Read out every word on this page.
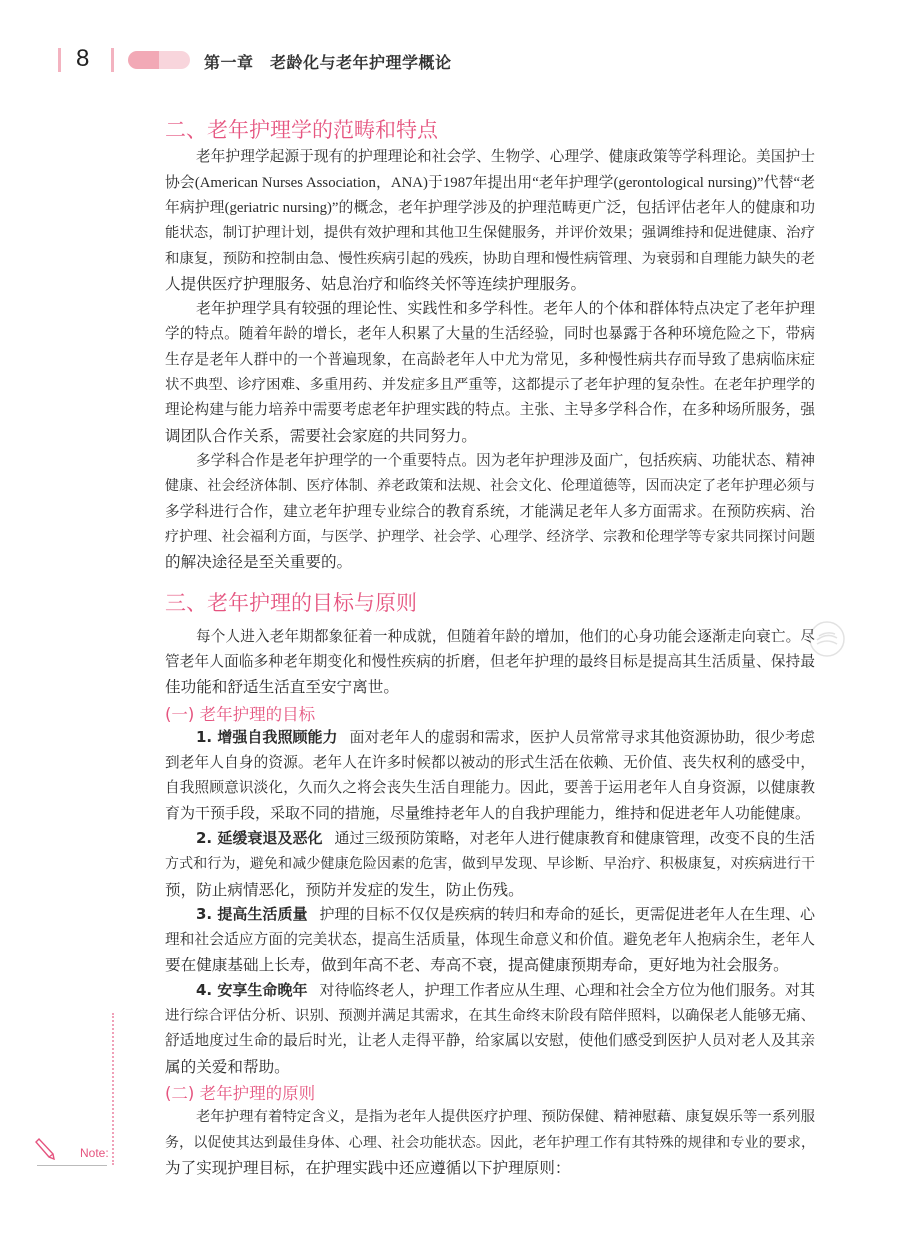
8	第一章　老龄化与老年护理学概论
二、老年护理学的范畴和特点
老年护理学起源于现有的护理理论和社会学、生物学、心理学、健康政策等学科理论。美国护士
协会(American Nurses Association，ANA)于1987年提出用“老年护理学(gerontological nursing)”代替“老
年病护理(geriatric nursing)”的概念，老年护理学涉及的护理范畴更广泛，包括评估老年人的健康和功
能状态，制订护理计划，提供有效护理和其他卫生保健服务，并评价效果；强调维持和促进健康、治疗
和康复，预防和控制由急、慢性疾病引起的残疾，协助自理和慢性病管理、为衰弱和自理能力缺失的老
人提供医疗护理服务、姑息治疗和临终关怀等连续护理服务。
老年护理学具有较强的理论性、实践性和多学科性。老年人的个体和群体特点决定了老年护理
学的特点。随着年龄的增长，老年人积累了大量的生活经验，同时也暴露于各种环境危险之下，带病
生存是老年人群中的一个普遍现象，在高龄老年人中尤为常见，多种慢性病共存而导致了患病临床症
状不典型、诊疗困难、多重用药、并发症多且严重等，这都提示了老年护理的复杂性。在老年护理学的
理论构建与能力培养中需要考虑老年护理实践的特点。主张、主导多学科合作，在多种场所服务，强
调团队合作关系，需要社会家庭的共同努力。
多学科合作是老年护理学的一个重要特点。因为老年护理涉及面广，包括疾病、功能状态、精神
健康、社会经济体制、医疗体制、养老政策和法规、社会文化、伦理道德等，因而决定了老年护理必须与
多学科进行合作，建立老年护理专业综合的教育系统，才能满足老年人多方面需求。在预防疾病、治
疗护理、社会福利方面，与医学、护理学、社会学、心理学、经济学、宗教和伦理学等专家共同探讨问题
的解决途径是至关重要的。
三、老年护理的目标与原则
每个人进入老年期都象征着一种成就，但随着年龄的增加，他们的心身功能会逐渐走向衰亡。尽
管老年人面临多种老年期变化和慢性疾病的折磨，但老年护理的最终目标是提高其生活质量、保持最
佳功能和舒适生活直至安宁离世。
(一) 老年护理的目标
1. 增强自我照顾能力 面对老年人的虚弱和需求，医护人员常常寻求其他资源协助，很少考虑
到老年人自身的资源。老年人在许多时候都以被动的形式生活在依赖、无价值、丧失权利的感受中，
自我照顾意识淡化，久而久之将会丧失生活自理能力。因此，要善于运用老年人自身资源，以健康教
育为干预手段，采取不同的措施，尽量维持老年人的自我护理能力，维持和促进老年人功能健康。
2. 延缓衰退及恶化 通过三级预防策略，对老年人进行健康教育和健康管理，改变不良的生活
方式和行为，避免和减少健康危险因素的危害，做到早发现、早诊断、早治疗、积极康复，对疾病进行干
预，防止病情恶化，预防并发症的发生，防止伤残。
3. 提高生活质量 护理的目标不仅仅是疾病的转归和寿命的延长，更需促进老年人在生理、心
理和社会适应方面的完美状态，提高生活质量，体现生命意义和价值。避免老年人抱病余生，老年人
要在健康基础上长寿，做到年高不老、寿高不衰，提高健康预期寿命，更好地为社会服务。
4. 安享生命晚年 对待临终老人，护理工作者应从生理、心理和社会全方位为他们服务。对其
进行综合评估分析、识别、预测并满足其需求，在其生命终末阶段有陪伴照料，以确保老人能够无痛、
舒适地度过生命的最后时光，让老人走得平静，给家属以安慰，使他们感受到医护人员对老人及其亲
属的关爱和帮助。
(二) 老年护理的原则
老年护理有着特定含义，是指为老年人提供医疗护理、预防保健、精神慰藉、康复娱乐等一系列服
务，以促使其达到最佳身体、心理、社会功能状态。因此，老年护理工作有其特殊的规律和专业的要求，
为了实现护理目标，在护理实践中还应遵循以下护理原则：
Note:
